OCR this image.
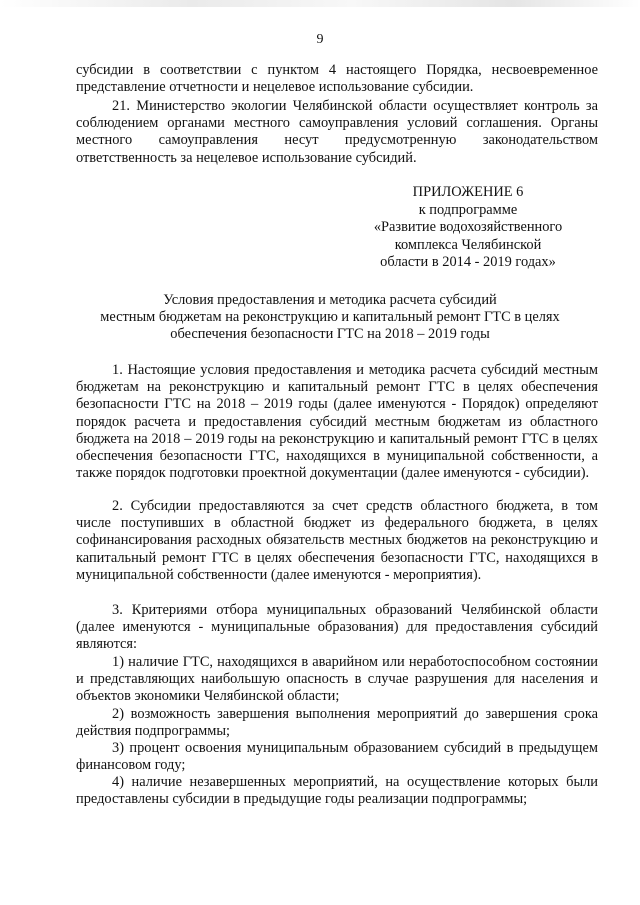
9

субсидии в соответствии с пунктом 4 настоящего Порядка, несвоевременное представление отчетности и нецелевое использование субсидии.

21. Министерство экологии Челябинской области осуществляет контроль за соблюдением органами местного самоуправления условий соглашения. Органы местного самоуправления несут предусмотренную законодательством ответственность за нецелевое использование субсидий.

ПРИЛОЖЕНИЕ 6
к подпрограмме
«Развитие водохозяйственного
комплекса Челябинской
области в 2014 - 2019 годах»
Условия предоставления и методика расчета субсидий
местным бюджетам на реконструкцию и капитальный ремонт ГТС в целях
обеспечения безопасности ГТС на 2018 – 2019 годы

1. Настоящие условия предоставления и методика расчета субсидий местным бюджетам на реконструкцию и капитальный ремонт ГТС в целях обеспечения безопасности ГТС на 2018 – 2019 годы (далее именуются - Порядок) определяют порядок расчета и предоставления субсидий местным бюджетам из областного бюджета на 2018 – 2019 годы на реконструкцию и капитальный ремонт ГТС в целях обеспечения безопасности ГТС, находящихся в муниципальной собственности, а также порядок подготовки проектной документации (далее именуются - субсидии).

2. Субсидии предоставляются за счет средств областного бюджета, в том числе поступивших в областной бюджет из федерального бюджета, в целях софинансирования расходных обязательств местных бюджетов на реконструкцию и капитальный ремонт ГТС в целях обеспечения безопасности ГТС, находящихся в муниципальной собственности (далее именуются - мероприятия).

3. Критериями отбора муниципальных образований Челябинской области (далее именуются - муниципальные образования) для предоставления субсидий являются:

1) наличие ГТС, находящихся в аварийном или неработоспособном состоянии и представляющих наибольшую опасность в случае разрушения для населения и объектов экономики Челябинской области;

2) возможность завершения выполнения мероприятий до завершения срока действия подпрограммы;

3) процент освоения муниципальным образованием субсидий в предыдущем финансовом году;

4) наличие незавершенных мероприятий, на осуществление которых были предоставлены субсидии в предыдущие годы реализации подпрограммы;
